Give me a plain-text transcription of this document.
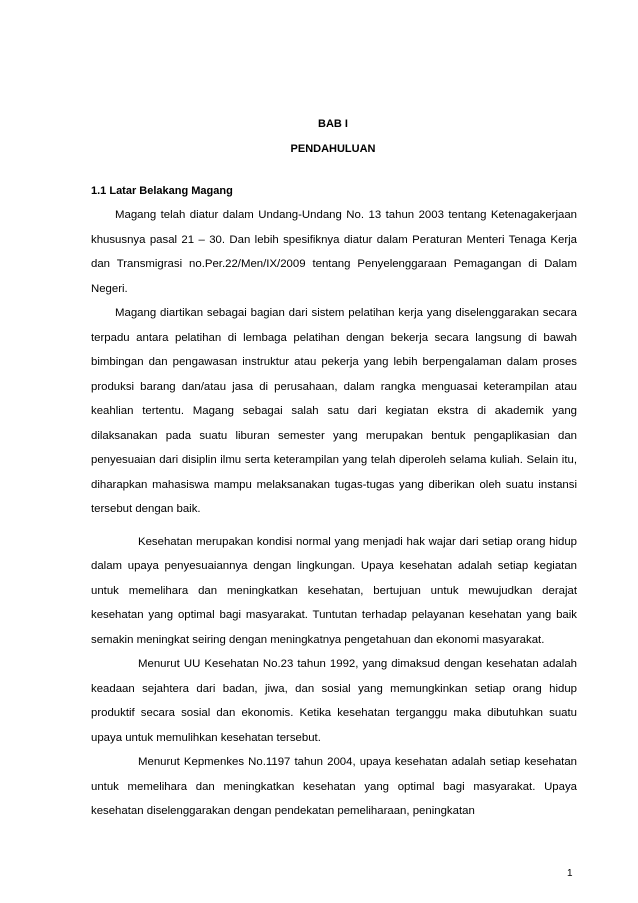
BAB I
PENDAHULUAN
1.1 Latar Belakang Magang

Magang telah diatur dalam Undang-Undang No. 13 tahun 2003 tentang Ketenagakerjaan khususnya pasal 21 – 30. Dan lebih spesifiknya diatur dalam Peraturan Menteri Tenaga Kerja dan Transmigrasi no.Per.22/Men/IX/2009 tentang Penyelenggaraan Pemagangan di Dalam Negeri.

Magang diartikan sebagai bagian dari sistem pelatihan kerja yang diselenggarakan secara terpadu antara pelatihan di lembaga pelatihan dengan bekerja secara langsung di bawah bimbingan dan pengawasan instruktur atau pekerja yang lebih berpengalaman dalam proses produksi barang dan/atau jasa di perusahaan, dalam rangka menguasai keterampilan atau keahlian tertentu. Magang sebagai salah satu dari kegiatan ekstra di akademik yang dilaksanakan pada suatu liburan semester yang merupakan bentuk pengaplikasian dan penyesuaian dari disiplin ilmu serta keterampilan yang telah diperoleh selama kuliah. Selain itu, diharapkan mahasiswa mampu melaksanakan tugas-tugas yang diberikan oleh suatu instansi tersebut dengan baik.

Kesehatan merupakan kondisi normal yang menjadi hak wajar dari setiap orang hidup dalam upaya penyesuaiannya dengan lingkungan. Upaya kesehatan adalah setiap kegiatan untuk memelihara dan meningkatkan kesehatan, bertujuan untuk mewujudkan derajat kesehatan yang optimal bagi masyarakat. Tuntutan terhadap pelayanan kesehatan yang baik semakin meningkat seiring dengan meningkatnya pengetahuan dan ekonomi masyarakat.

Menurut UU Kesehatan No.23 tahun 1992, yang dimaksud dengan kesehatan adalah keadaan sejahtera dari badan, jiwa, dan sosial yang memungkinkan setiap orang hidup produktif secara sosial dan ekonomis. Ketika kesehatan terganggu maka dibutuhkan suatu upaya untuk memulihkan kesehatan tersebut.

Menurut Kepmenkes No.1197 tahun 2004, upaya kesehatan adalah setiap kesehatan untuk memelihara dan meningkatkan kesehatan yang optimal bagi masyarakat. Upaya kesehatan diselenggarakan dengan pendekatan pemeliharaan, peningkatan

1
